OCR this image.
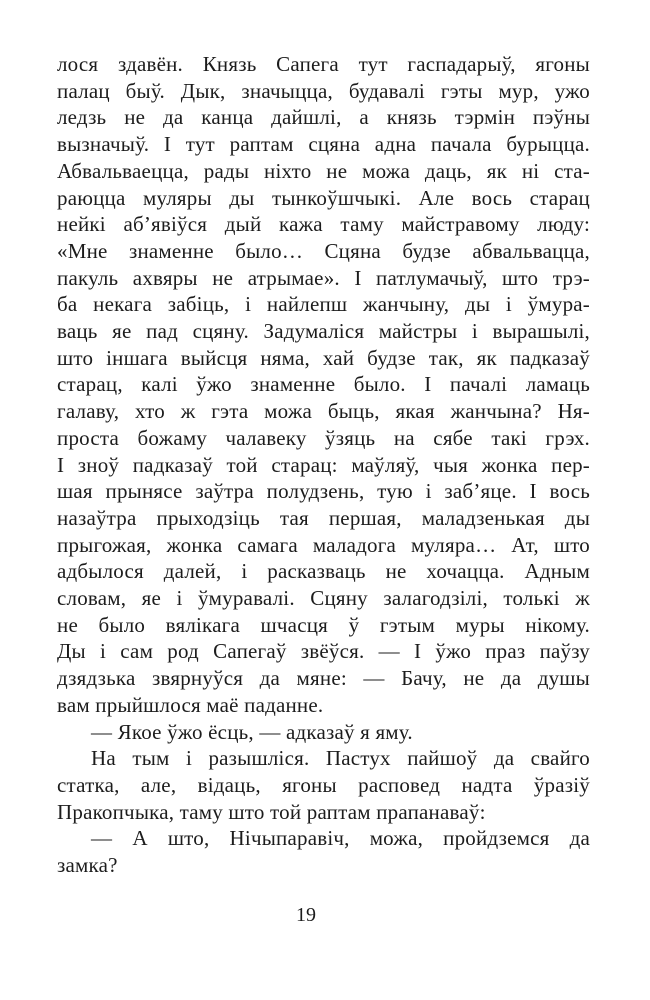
лося здавён. Князь Сапега тут гаспадарыў, ягоны
палац быў. Дык, значыцца, будавалі гэты мур, ужо
ледзь не да канца дайшлі, а князь тэрмін пэўны
вызначыў. І тут раптам сцяна адна пачала бурыцца.
Абвальваецца, рады ніхто не можа даць, як ні ста-
раюцца муляры ды тынкоўшчыкі. Але вось старац
нейкі аб’явіўся дый кажа таму майстравому люду:
«Мне знаменне было… Сцяна будзе абвальвацца,
пакуль ахвяры не атрымае». І патлумачыў, што трэ-
ба некага забіць, і найлепш жанчыну, ды і ўмура-
ваць яе пад сцяну. Задумаліся майстры і вырашылі,
што іншага выйсця няма, хай будзе так, як падказаў
старац, калі ўжо знаменне было. І пачалі ламаць
галаву, хто ж гэта можа быць, якая жанчына? Ня-
проста божаму чалавеку ўзяць на сябе такі грэх.
І зноў падказаў той старац: маўляў, чыя жонка пер-
шая прынясе заўтра полудзень, тую і заб’яце. І вось
назаўтра прыходзіць тая першая, маладзенькая ды
прыгожая, жонка самага маладога муляра… Ат, што
адбылося далей, і расказваць не хочацца. Адным
словам, яе і ўмуравалі. Сцяну залагодзілі, толькі ж
не было вялікага шчасця ў гэтым муры нікому.
Ды і сам род Сапегаў звёўся. — І ўжо праз паўзу
дзядзька звярнуўся да мяне: — Бачу, не да душы
вам прыйшлося маё паданне.
— Якое ўжо ёсць, — адказаў я яму.
На тым і разышліся. Пастух пайшоў да свайго
статка, але, відаць, ягоны расповед надта ўразіў
Пракопчыка, таму што той раптам прапанаваў:
— А што, Нічыпаравіч, можа, пройдземся да
замка?
19
